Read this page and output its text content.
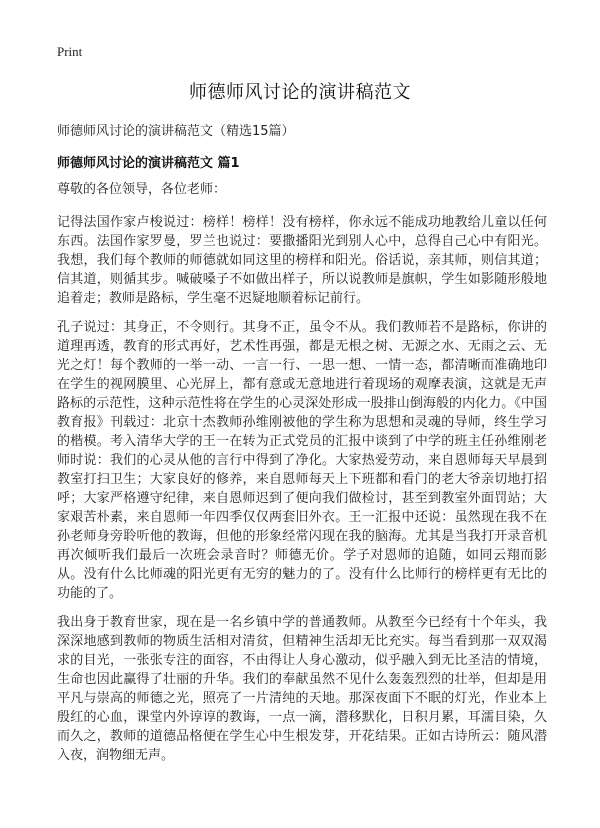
Print
师德师风讨论的演讲稿范文
师德师风讨论的演讲稿范文（精选15篇）
师德师风讨论的演讲稿范文 篇1

尊敬的各位领导，各位老师：

记得法国作家卢梭说过：榜样！榜样！没有榜样，你永远不能成功地教给儿童以任何东西。法国作家罗曼，罗兰也说过：要撒播阳光到别人心中，总得自己心中有阳光。我想，我们每个教师的师德就如同这里的榜样和阳光。俗话说，亲其师，则信其道；信其道，则循其步。喊破嗓子不如做出样子，所以说教师是旗帜，学生如影随形般地追着走；教师是路标，学生毫不迟疑地顺着标记前行。

孔子说过：其身正，不令则行。其身不正，虽令不从。我们教师若不是路标，你讲的道理再透，教育的形式再好，艺术性再强，都是无根之树、无源之水、无雨之云、无光之灯！每个教师的一举一动、一言一行、一思一想、一情一态，都清晰而准确地印在学生的视网膜里、心光屏上，都有意或无意地进行着现场的观摩表演，这就是无声路标的示范性，这种示范性将在学生的心灵深处形成一股排山倒海般的内化力。《中国教育报》刊载过：北京十杰教师孙维刚被他的学生称为思想和灵魂的导师，终生学习的楷模。考入清华大学的王一在转为正式党员的汇报中谈到了中学的班主任孙维刚老师时说：我们的心灵从他的言行中得到了净化。大家热爱劳动，来自恩师每天早晨到教室打扫卫生；大家良好的修养，来自恩师每天上下班都和看门的老大爷亲切地打招呼；大家严格遵守纪律，来自恩师迟到了便向我们做检讨，甚至到教室外面罚站；大家艰苦朴素，来自恩师一年四季仅仅两套旧外衣。王一汇报中还说：虽然现在我不在孙老师身旁聆听他的教诲，但他的形象经常闪现在我的脑海。尤其是当我打开录音机再次倾听我们最后一次班会录音时？师德无价。学子对恩师的追随，如同云翔而影从。没有什么比师魂的阳光更有无穷的魅力的了。没有什么比师行的榜样更有无比的功能的了。

我出身于教育世家，现在是一名乡镇中学的普通教师。从教至今已经有十个年头，我深深地感到教师的物质生活相对清贫，但精神生活却无比充实。每当看到那一双双渴求的目光，一张张专注的面容，不由得让人身心激动，似乎融入到无比圣洁的情境，生命也因此赢得了壮丽的升华。我们的奉献虽然不见什么轰轰烈烈的壮举，但却是用平凡与崇高的师德之光，照亮了一片清纯的天地。那深夜面下不眠的灯光，作业本上殷红的心血，课堂内外谆谆的教诲，一点一滴，潜移默化，日积月累，耳濡目染，久而久之，教师的道德品格便在学生心中生根发芽，开花结果。正如古诗所云：随风潜入夜，润物细无声。
